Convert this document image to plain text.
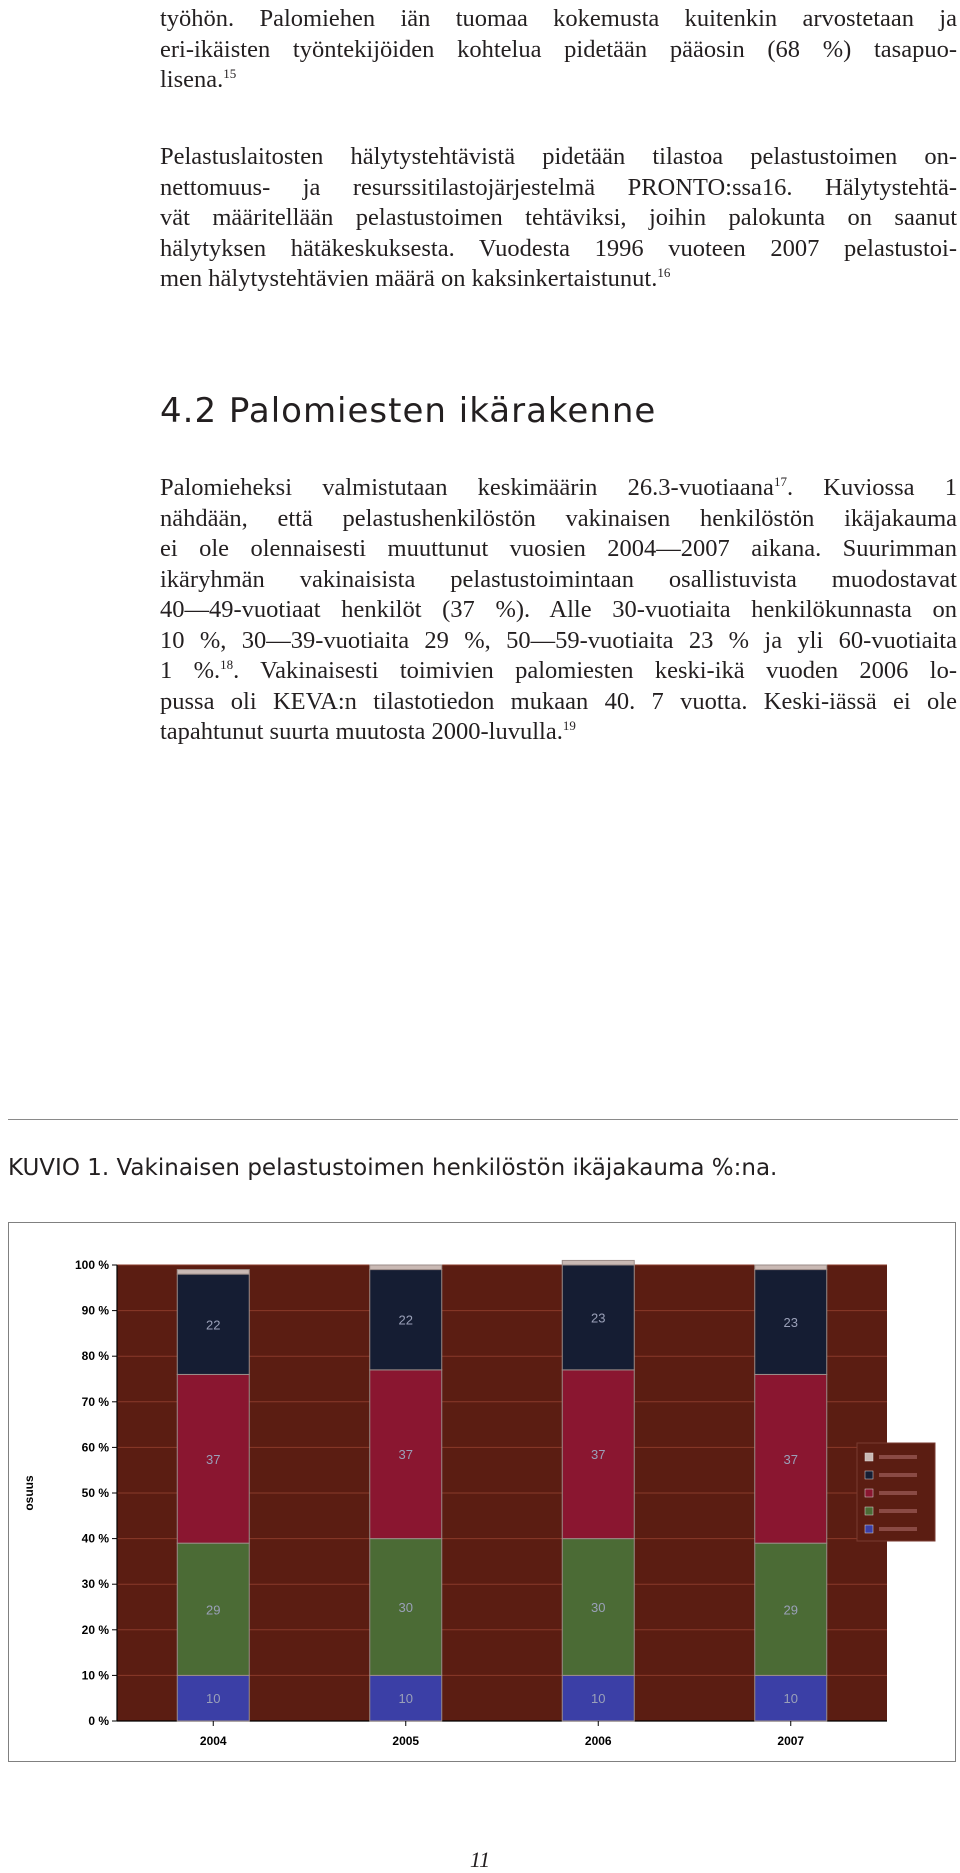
työhön. Palomiehen iän tuomaa kokemusta kuitenkin arvostetaan ja
eri-ikäisten työntekijöiden kohtelua pidetään pääosin (68 %) tasapuo-
lisena.$^{15}$

Pelastuslaitosten hälytystehtävistä pidetään tilastoa pelastustoimen on-
nettomuus- ja resurssitilastojärjestelmä PRONTO:ssa16. Hälytystehtä-
vät määritellään pelastustoimen tehtäviksi, joihin palokunta on saanut
hälytyksen hätäkeskuksesta. Vuodesta 1996 vuoteen 2007 pelastustoi-
men hälytystehtävien määrä on kaksinkertaistunut.$^{16}$

4.2 Palomiesten ikärakenne

Palomieheksi valmistutaan keskimäärin 26.3-vuotiaana$^{17}$. Kuviossa 1
nähdään, että pelastushenkilöstön vakinaisen henkilöstön ikäjakauma
ei ole olennaisesti muuttunut vuosien 2004—2007 aikana. Suurimman
ikäryhmän vakinaisista pelastustoimintaan osallistuvista muodostavat
40—49-vuotiaat henkilöt (37 %). Alle 30-vuotiaita henkilökunnasta on
10 %, 30—39-vuotiaita 29 %, 50—59-vuotiaita 23 % ja yli 60-vuotiaita
1 %.$^{18}$. Vakinaisesti toimivien palomiesten keski-ikä vuoden 2006 lo-
pussa oli KEVA:n tilastotiedon mukaan 40. 7 vuotta. Keski-iässä ei ole
tapahtunut suurta muutosta 2000-luvulla.$^{19}$

KUVIO 1. Vakinaisen pelastustoimen henkilöstön ikäjakauma %:na.

0 %
10 %
20 %
30 %
40 %
50 %
60 %
70 %
80 %
90 %
100 %
osuus
10
29
37
22
2004
10
30
37
22
2005
10
30
37
23
2006
10
29
37
23
2007

11
